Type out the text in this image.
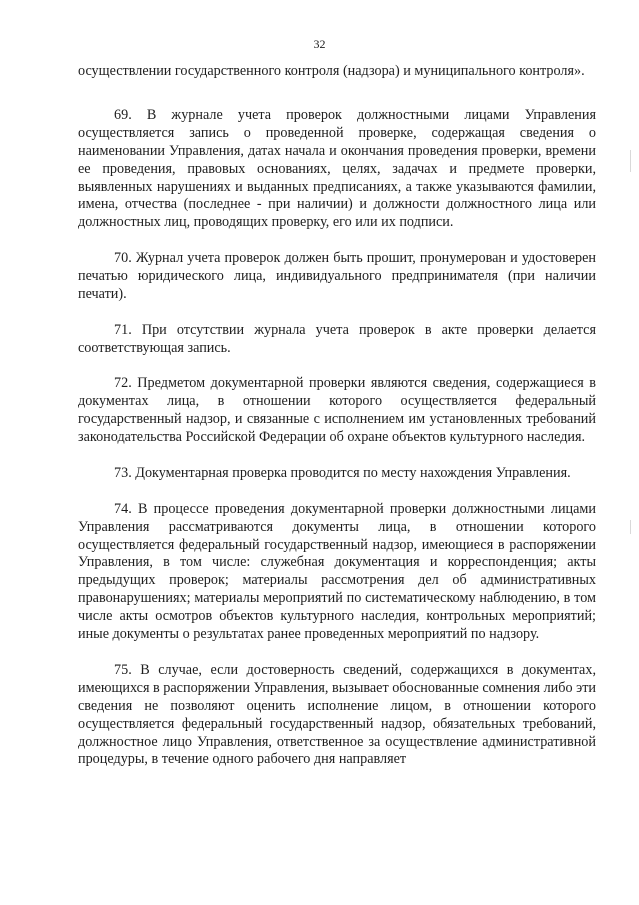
32

осуществлении государственного контроля (надзора) и муниципального контроля».

69. В журнале учета проверок должностными лицами Управления осуществляется запись о проведенной проверке, содержащая сведения о наименовании Управления, датах начала и окончания проведения проверки, времени ее проведения, правовых основаниях, целях, задачах и предмете проверки, выявленных нарушениях и выданных предписаниях, а также указываются фамилии, имена, отчества (последнее - при наличии) и должности должностного лица или должностных лиц, проводящих проверку, его или их подписи.

70. Журнал учета проверок должен быть прошит, пронумерован и удостоверен печатью юридического лица, индивидуального предпринимателя (при наличии печати).

71. При отсутствии журнала учета проверок в акте проверки делается соответствующая запись.

72. Предметом документарной проверки являются сведения, содержащиеся в документах лица, в отношении которого осуществляется федеральный государственный надзор, и связанные с исполнением им установленных требований законодательства Российской Федерации об охране объектов культурного наследия.

73. Документарная проверка проводится по месту нахождения Управления.

74. В процессе проведения документарной проверки должностными лицами Управления рассматриваются документы лица, в отношении которого осуществляется федеральный государственный надзор, имеющиеся в распоряжении Управления, в том числе: служебная документация и корреспонденция; акты предыдущих проверок; материалы рассмотрения дел об административных правонарушениях; материалы мероприятий по систематическому наблюдению, в том числе акты осмотров объектов культурного наследия, контрольных мероприятий; иные документы о результатах ранее проведенных мероприятий по надзору.

75. В случае, если достоверность сведений, содержащихся в документах, имеющихся в распоряжении Управления, вызывает обоснованные сомнения либо эти сведения не позволяют оценить исполнение лицом, в отношении которого осуществляется федеральный государственный надзор, обязательных требований, должностное лицо Управления, ответственное за осуществление административной процедуры, в течение одного рабочего дня направляет
